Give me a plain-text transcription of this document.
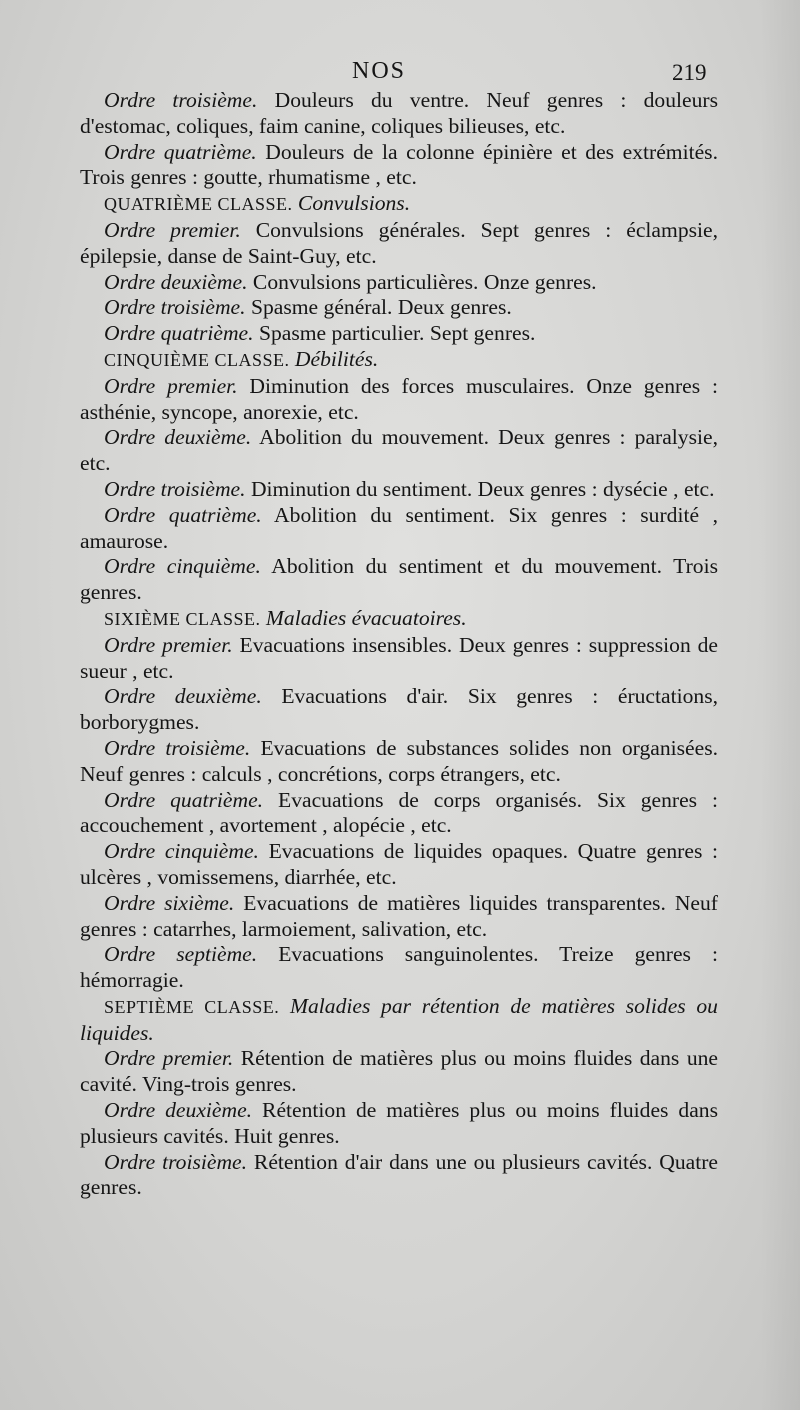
NOS	219

Ordre troisième. Douleurs du ventre. Neuf genres : douleurs d'estomac, coliques, faim canine, coliques bilieuses, etc.

Ordre quatrième. Douleurs de la colonne épinière et des extrémités. Trois genres : goutte, rhumatisme , etc.

QUATRIÈME CLASSE. Convulsions.

Ordre premier. Convulsions générales. Sept genres : éclampsie, épilepsie, danse de Saint-Guy, etc.

Ordre deuxième. Convulsions particulières. Onze genres.

Ordre troisième. Spasme général. Deux genres.

Ordre quatrième. Spasme particulier. Sept genres.

CINQUIÈME CLASSE. Débilités.

Ordre premier. Diminution des forces musculaires. Onze genres : asthénie, syncope, anorexie, etc.

Ordre deuxième. Abolition du mouvement. Deux genres : paralysie, etc.

Ordre troisième. Diminution du sentiment. Deux genres : dysécie , etc.

Ordre quatrième. Abolition du sentiment. Six genres : surdité , amaurose.

Ordre cinquième. Abolition du sentiment et du mouvement. Trois genres.

SIXIÈME CLASSE. Maladies évacuatoires.

Ordre premier. Evacuations insensibles. Deux genres : suppression de sueur , etc.

Ordre deuxième. Evacuations d'air. Six genres : éructations, borborygmes.

Ordre troisième. Evacuations de substances solides non organisées. Neuf genres : calculs , concrétions, corps étrangers, etc.

Ordre quatrième. Evacuations de corps organisés. Six genres : accouchement , avortement , alopécie , etc.

Ordre cinquième. Evacuations de liquides opaques. Quatre genres : ulcères , vomissemens, diarrhée, etc.

Ordre sixième. Evacuations de matières liquides transparentes. Neuf genres : catarrhes, larmoiement, salivation, etc.

Ordre septième. Evacuations sanguinolentes. Treize genres : hémorragie.

SEPTIÈME CLASSE. Maladies par rétention de matières solides ou liquides.

Ordre premier. Rétention de matières plus ou moins fluides dans une cavité. Ving-trois genres.

Ordre deuxième. Rétention de matières plus ou moins fluides dans plusieurs cavités. Huit genres.

Ordre troisième. Rétention d'air dans une ou plusieurs cavités. Quatre genres.
